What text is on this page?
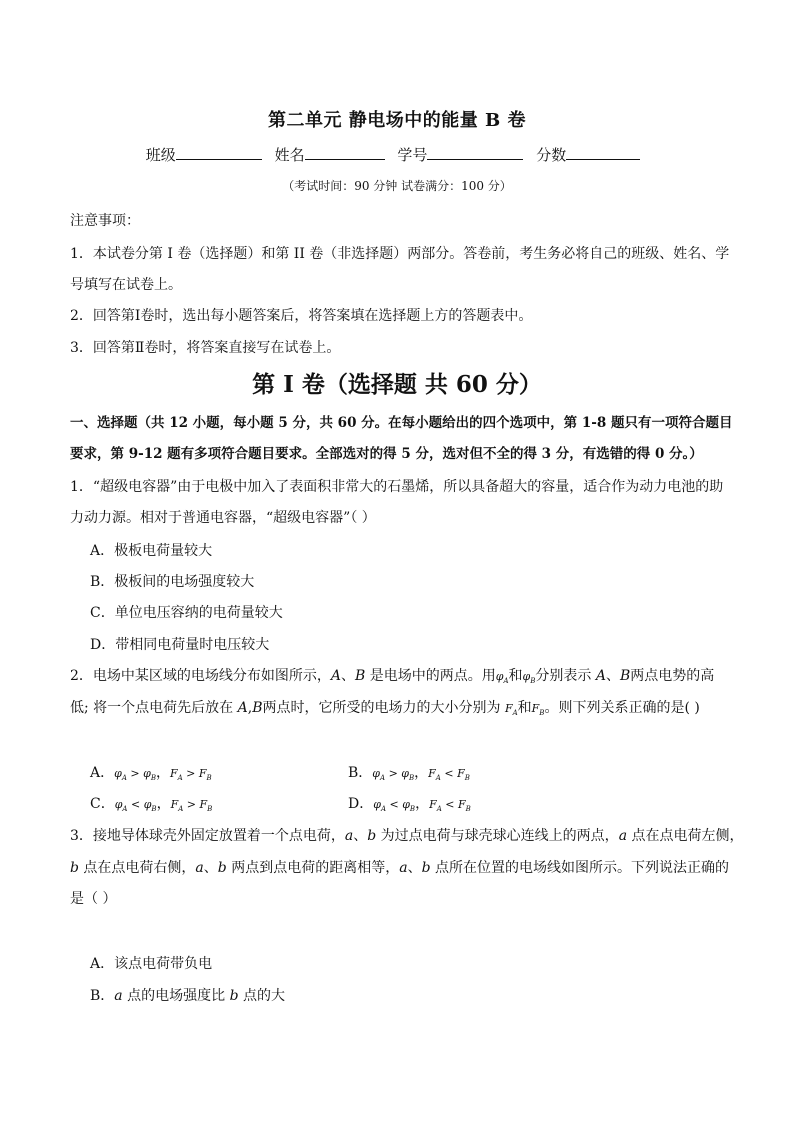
第二单元 静电场中的能量 B 卷
班级	姓名	学号	分数
（考试时间：90 分钟 试卷满分：100 分）
注意事项：
1．本试卷分第 I 卷（选择题）和第 II 卷（非选择题）两部分。答卷前，考生务必将自己的班级、姓名、学
号填写在试卷上。
2．回答第Ⅰ卷时，选出每小题答案后，将答案填在选择题上方的答题表中。
3．回答第Ⅱ卷时，将答案直接写在试卷上。
第 I 卷（选择题 共 60 分）
一、选择题（共 12 小题，每小题 5 分，共 60 分。在每小题给出的四个选项中，第 1-8 题只有一项符合题目
要求，第 9-12 题有多项符合题目要求。全部选对的得 5 分，选对但不全的得 3 分，有选错的得 0 分。）
1．“超级电容器”由于电极中加入了表面积非常大的石墨烯，所以具备超大的容量，适合作为动力电池的助
力动力源。相对于普通电容器，“超级电容器”（ ）
A．极板电荷量较大
B．极板间的电场强度较大
C．单位电压容纳的电荷量较大
D．带相同电荷量时电压较大
2．电场中某区域的电场线分布如图所示，A、B 是电场中的两点。用$\varphi_A$和$\varphi_B$分别表示 A、B两点电势的高
低; 将一个点电荷先后放在 A,B两点时，它所受的电场力的大小分别为 $F_A$和$F_B$。则下列关系正确的是( )
A．$\varphi_A > \varphi_B$，$F_A > F_B$	B．$\varphi_A > \varphi_B$，$F_A < F_B$
C．$\varphi_A < \varphi_B$，$F_A > F_B$	D．$\varphi_A < \varphi_B$，$F_A < F_B$
3．接地导体球壳外固定放置着一个点电荷，a、b 为过点电荷与球壳球心连线上的两点，a 点在点电荷左侧，
b 点在点电荷右侧，a、b 两点到点电荷的距离相等，a、b 点所在位置的电场线如图所示。下列说法正确的
是（ ）
A．该点电荷带负电
B．a 点的电场强度比 b 点的大
